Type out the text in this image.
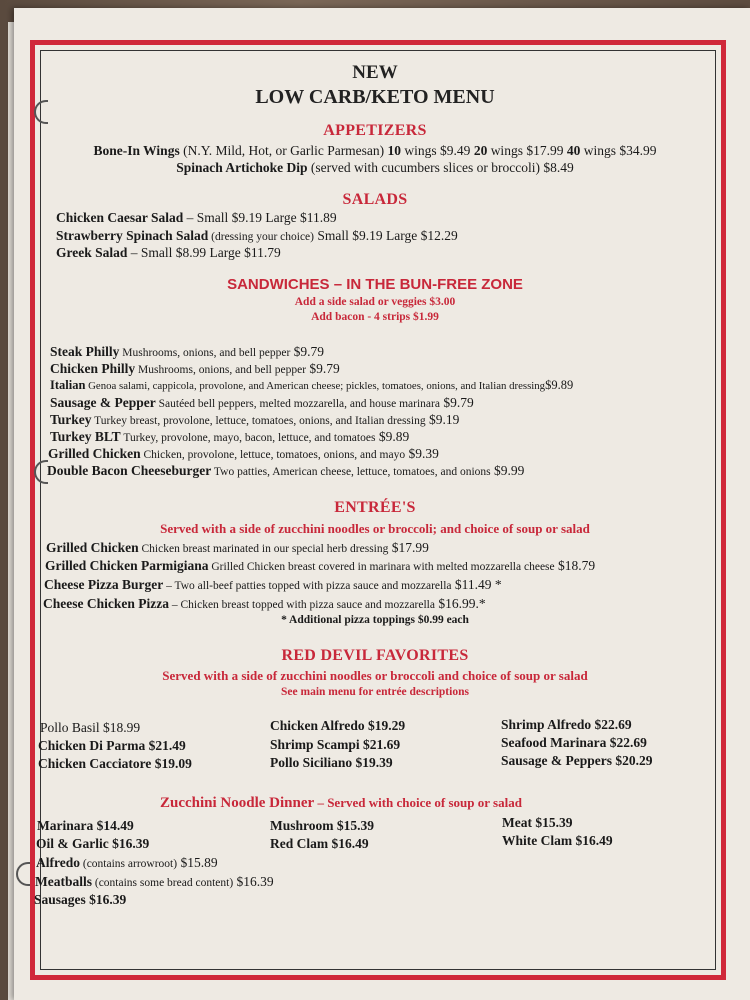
NEW
LOW CARB/KETO MENU
APPETIZERS
Bone-In Wings (N.Y. Mild, Hot, or Garlic Parmesan) 10 wings $9.49 20 wings $17.99 40 wings $34.99
Spinach Artichoke Dip (served with cucumbers slices or broccoli) $8.49
SALADS
Chicken Caesar Salad – Small $9.19 Large $11.89
Strawberry Spinach Salad (dressing your choice) Small $9.19 Large $12.29
Greek Salad – Small $8.99 Large $11.79
SANDWICHES – IN THE BUN-FREE ZONE
Add a side salad or veggies $3.00
Add bacon - 4 strips $1.99
Steak Philly Mushrooms, onions, and bell pepper $9.79
Chicken Philly Mushrooms, onions, and bell pepper $9.79
Italian Genoa salami, cappicola, provolone, and American cheese; pickles, tomatoes, onions, and Italian dressing$9.89
Sausage & Pepper Sautéed bell peppers, melted mozzarella, and house marinara $9.79
Turkey Turkey breast, provolone, lettuce, tomatoes, onions, and Italian dressing $9.19
Turkey BLT Turkey, provolone, mayo, bacon, lettuce, and tomatoes $9.89
Grilled Chicken Chicken, provolone, lettuce, tomatoes, onions, and mayo $9.39
Double Bacon Cheeseburger Two patties, American cheese, lettuce, tomatoes, and onions $9.99
ENTRÉE'S
Served with a side of zucchini noodles or broccoli; and choice of soup or salad
Grilled Chicken Chicken breast marinated in our special herb dressing $17.99
Grilled Chicken Parmigiana Grilled Chicken breast covered in marinara with melted mozzarella cheese $18.79
Cheese Pizza Burger – Two all-beef patties topped with pizza sauce and mozzarella $11.49 *
Cheese Chicken Pizza – Chicken breast topped with pizza sauce and mozzarella $16.99.*
* Additional pizza toppings $0.99 each
RED DEVIL FAVORITES
Served with a side of zucchini noodles or broccoli and choice of soup or salad
See main menu for entrée descriptions
Pollo Basil $18.99
Chicken Di Parma $21.49
Chicken Cacciatore $19.09
Chicken Alfredo $19.29
Shrimp Scampi $21.69
Pollo Siciliano $19.39
Shrimp Alfredo $22.69
Seafood Marinara $22.69
Sausage & Peppers $20.29
Zucchini Noodle Dinner – Served with choice of soup or salad
Marinara $14.49
Oil & Garlic $16.39
Mushroom $15.39
Red Clam $16.49
Meat $15.39
White Clam $16.49
Alfredo (contains arrowroot) $15.89
Meatballs (contains some bread content) $16.39
Sausages $16.39
